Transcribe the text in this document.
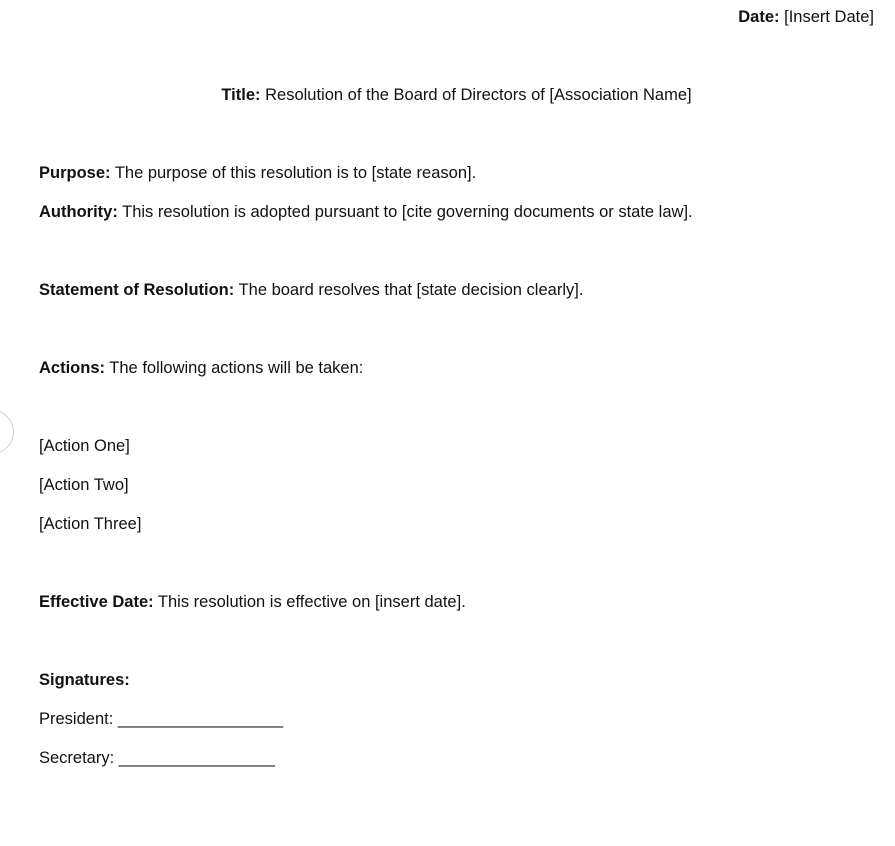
Date: [Insert Date]
Title: Resolution of the Board of Directors of [Association Name]
Purpose: The purpose of this resolution is to [state reason].
Authority: This resolution is adopted pursuant to [cite governing documents or state law].
Statement of Resolution: The board resolves that [state decision clearly].
Actions: The following actions will be taken:
[Action One]
[Action Two]
[Action Three]
Effective Date: This resolution is effective on [insert date].
Signatures:
President: __________________
Secretary: _________________
